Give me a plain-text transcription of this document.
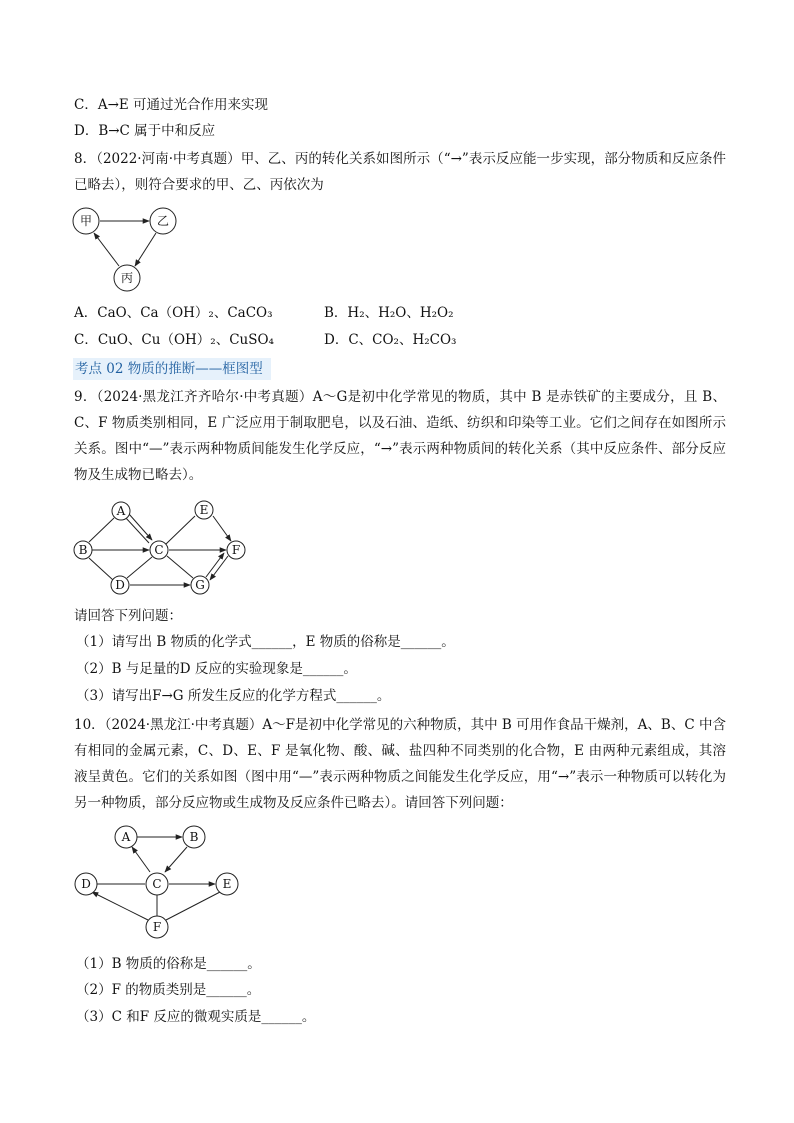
C．A→E 可通过光合作用来实现
D．B→C 属于中和反应
8．（2022·河南·中考真题）甲、乙、丙的转化关系如图所示（“→”表示反应能一步实现，部分物质和反应条件已略去），则符合要求的甲、乙、丙依次为
甲	乙
丙
A．CaO、Ca（OH）₂、CaCO₃	B．H₂、H₂O、H₂O₂
C．CuO、Cu（OH）₂、CuSO₄	D．C、CO₂、H₂CO₃
考点 02 物质的推断——框图型
9．（2024·黑龙江齐齐哈尔·中考真题）A～G是初中化学常见的物质，其中 B 是赤铁矿的主要成分，且 B、C、F 物质类别相同，E 广泛应用于制取肥皂，以及石油、造纸、纺织和印染等工业。它们之间存在如图所示关系。图中“—”表示两种物质间能发生化学反应，“→”表示两种物质间的转化关系（其中反应条件、部分反应物及生成物已略去）。
A
B	C
D
E
F
G
请回答下列问题：
（1）请写出 B 物质的化学式______，E 物质的俗称是______。
（2）B 与足量的D 反应的实验现象是______。
（3）请写出F→G 所发生反应的化学方程式______。
10．（2024·黑龙江·中考真题）A～F是初中化学常见的六种物质，其中 B 可用作食品干燥剂，A、B、C 中含有相同的金属元素，C、D、E、F 是氧化物、酸、碱、盐四种不同类别的化合物，E 由两种元素组成，其溶液呈黄色。它们的关系如图（图中用“—”表示两种物质之间能发生化学反应，用“→”表示一种物质可以转化为另一种物质，部分反应物或生成物及反应条件已略去）。请回答下列问题：
A	B
C
D	E
F
（1）B 物质的俗称是______。
（2）F 的物质类别是______。
（3）C 和F 反应的微观实质是______。
